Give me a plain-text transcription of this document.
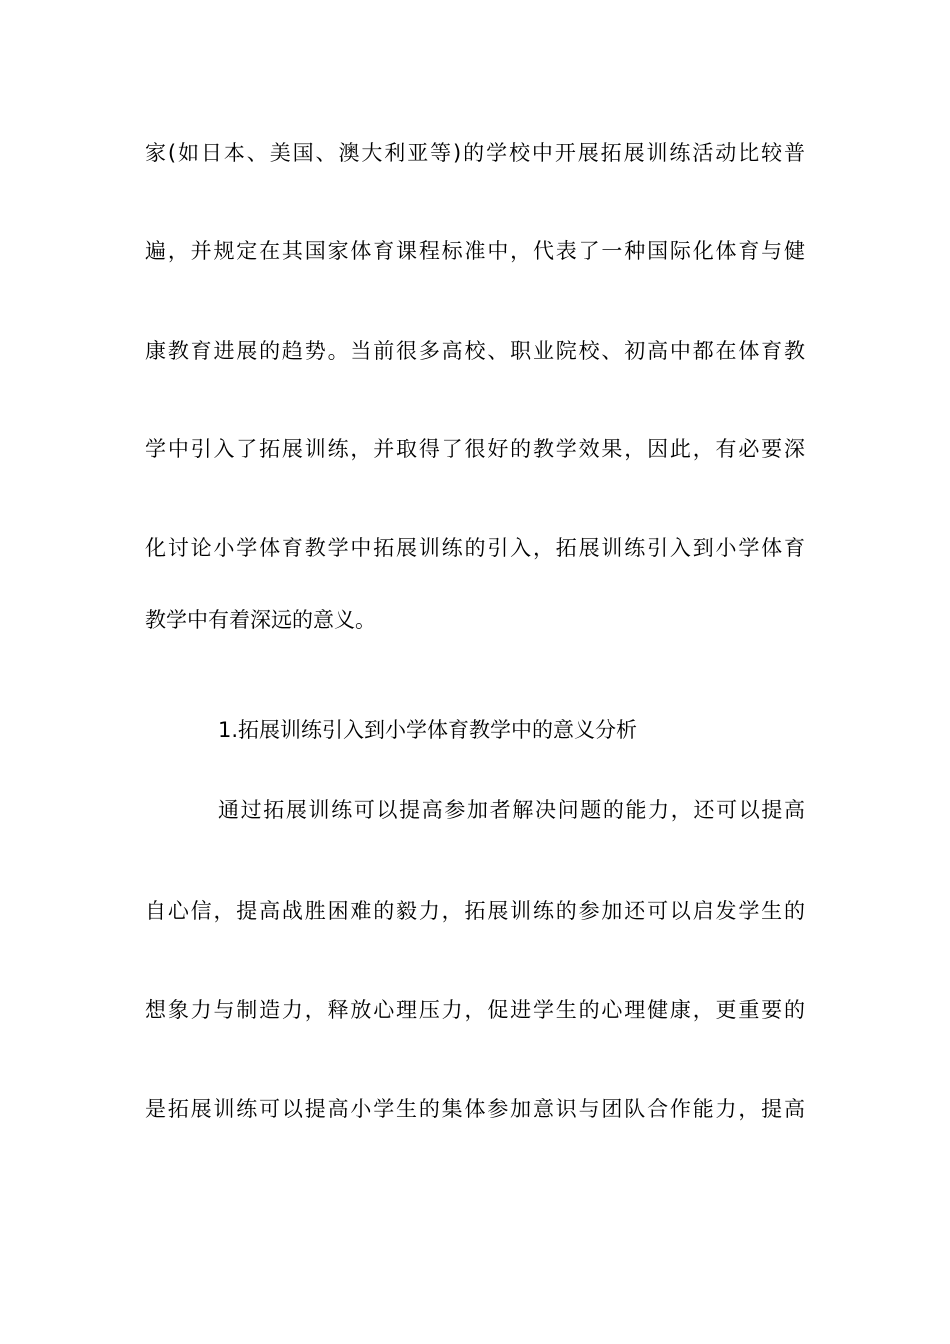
家(如日本、美国、澳大利亚等)的学校中开展拓展训练活动比较普
遍，并规定在其国家体育课程标准中，代表了一种国际化体育与健
康教育进展的趋势。当前很多高校、职业院校、初高中都在体育教
学中引入了拓展训练，并取得了很好的教学效果，因此，有必要深
化讨论小学体育教学中拓展训练的引入，拓展训练引入到小学体育
教学中有着深远的意义。
1.拓展训练引入到小学体育教学中的意义分析
通过拓展训练可以提高参加者解决问题的能力，还可以提高
自心信，提高战胜困难的毅力，拓展训练的参加还可以启发学生的
想象力与制造力，释放心理压力，促进学生的心理健康，更重要的
是拓展训练可以提高小学生的集体参加意识与团队合作能力，提高
